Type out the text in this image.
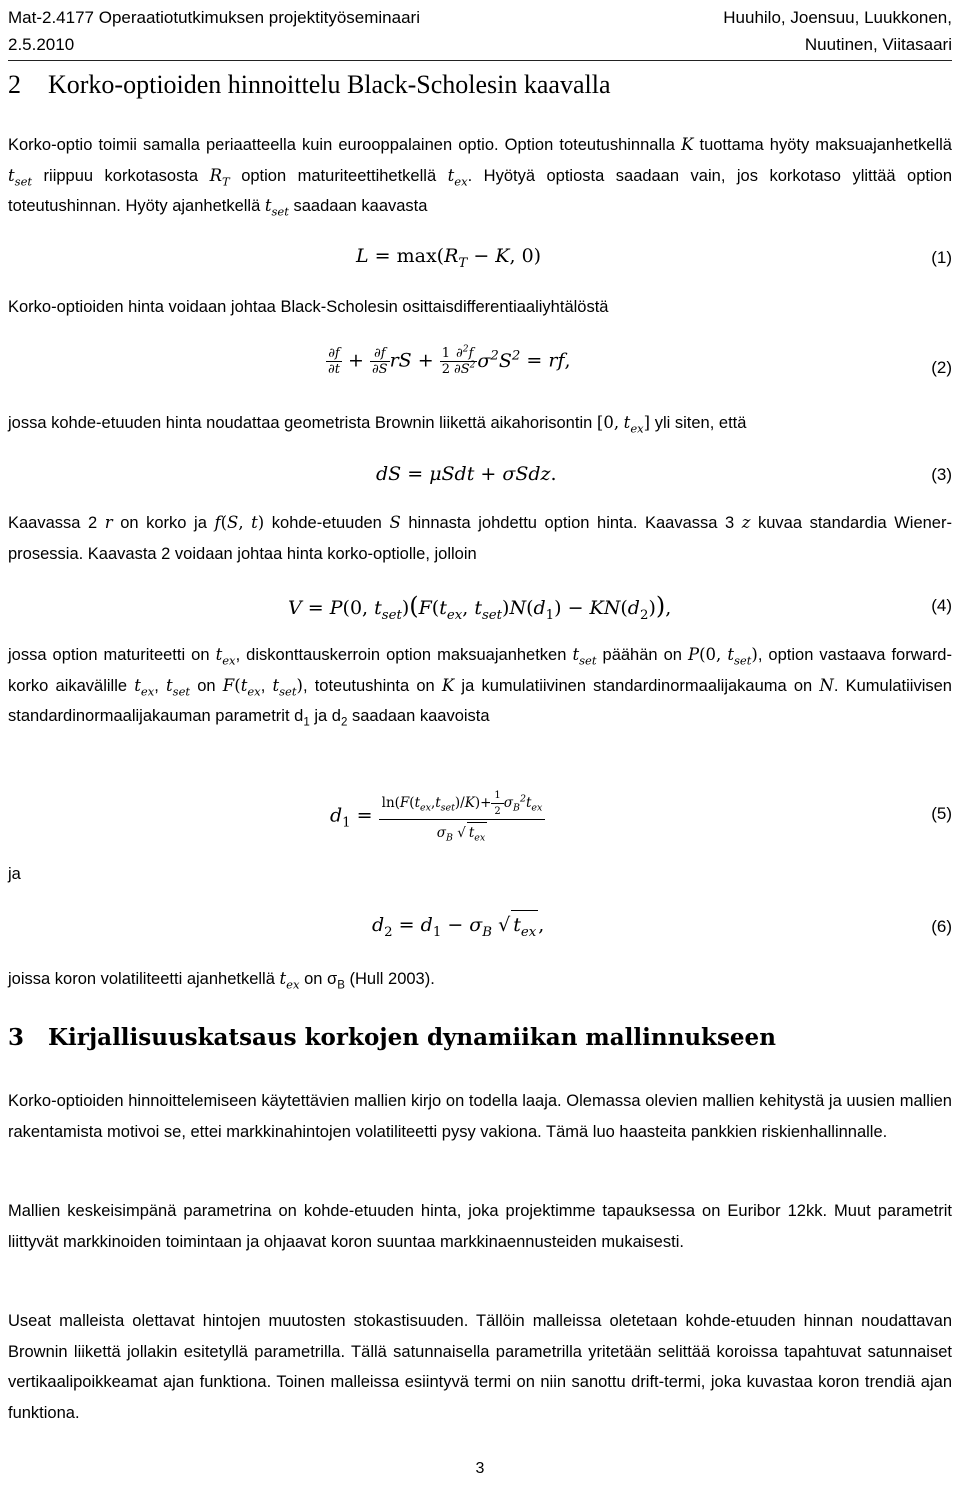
Mat-2.4177 Operaatiotutkimuksen projektityöseminaari
2.5.2010
Huuhilo, Joensuu, Luukkonen,
Nuutinen, Viitasaari
2 Korko-optioiden hinnoittelu Black-Scholesin kaavalla

Korko-optio toimii samalla periaatteella kuin eurooppalainen optio. Option toteutushinnalla K tuottama hyöty maksuajanhetkellä $t_{set}$ riippuu korkotasosta $R_T$ option maturiteettihetkellä $t_{ex}$. Hyötyä optiosta saadaan vain, jos korkotaso ylittää option toteutushinnan. Hyöty ajanhetkellä $t_{set}$ saadaan kaavasta

$L = \max(R_T - K$, 0)	(1)

Korko-optioiden hinta voidaan johtaa Black-Scholesin osittaisdifferentiaaliyhtälöstä

$\frac{\partial f}{\partial t} + \frac{\partial f}{\partial S}$ rS + $\frac{1}{2} \frac{\partial^2f}{\partial S^2} \sigma^2S^2$ = rf,	(2)

jossa kohde-etuuden hinta noudattaa geometrista Brownin liikettä aikahorisontin [0, $t_{ex}$] yli siten, että

dS = μSdt + σSdz.	(3)

Kaavassa 2 r on korko ja f(S, t) kohde-etuuden S hinnasta johdettu option hinta. Kaavassa 3 z kuvaa standardia Wiener-prosessia. Kaavasta 2 voidaan johtaa hinta korko-optiolle, jolloin

V = P(0, $t_{set})(F(t_{ex}$, $t_{set})N(d_1) - KN(d_2)$),	(4)

jossa option maturiteetti on $t_{ex}$, diskonttauskerroin option maksuajanhetken $t_{set}$ päähän on P(0, $t_{set}$), option vastaava forward-korko aikavälille $t_{ex}$, $t_{set}$ on $F(t_{ex}$, $t_{set}$), toteutushinta on K ja kumulatiivinen standardinormaalijakauma on N. Kumulatiivisen standardinormaalijakauman parametrit $d_1$ ja $d_2$ saadaan kaavoista

$d_1$ =
$\ln(F(t_{ex},t_{set})/K)+ \frac{1}{2} \sigma_B^2t_{ex}$
$\sigma_B$ √ $t_{ex}$
(5)
ja
$d_2 = d_1 - \sigma_B$ √ $t_{ex}$ ,	(6)

joissa koron volatiliteetti ajanhetkellä $t_{ex}$ on $\sigma_B$ (Hull 2003).

3 Kirjallisuuskatsaus korkojen dynamiikan mallinnukseen

Korko-optioiden hinnoittelemiseen käytettävien mallien kirjo on todella laaja. Olemassa olevien mallien kehitystä ja uusien mallien rakentamista motivoi se, ettei markkinahintojen volatiliteetti pysy vakiona. Tämä luo haasteita pankkien riskienhallinnalle.

Mallien keskeisimpänä parametrina on kohde-etuuden hinta, joka projektimme tapauksessa on Euribor 12kk. Muut parametrit liittyvät markkinoiden toimintaan ja ohjaavat koron suuntaa markkinaennusteiden mukaisesti.

Useat malleista olettavat hintojen muutosten stokastisuuden. Tällöin malleissa oletetaan kohde-etuuden hinnan noudattavan Brownin liikettä jollakin esitetyllä parametrilla. Tällä satunnaisella parametrilla yritetään selittää koroissa tapahtuvat satunnaiset vertikaalipoikkeamat ajan funktiona. Toinen malleissa esiintyvä termi on niin sanottu drift-termi, joka kuvastaa koron trendiä ajan funktiona.

3
